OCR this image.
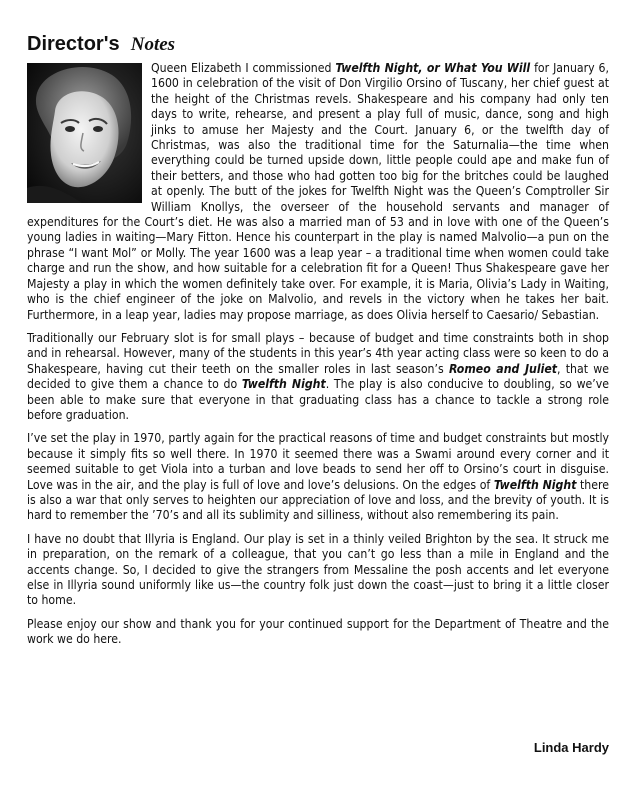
Director's Notes

Queen Elizabeth I commissioned Twelfth Night, or What You Will for January 6, 1600 in celebration of the visit of Don Virgilio Orsino of Tuscany, her chief guest at the height of the Christmas revels. Shakespeare and his company had only ten days to write, rehearse, and present a play full of music, dance, song and high jinks to amuse her Majesty and the Court. January 6, or the twelfth day of Christmas, was also the traditional time for the Saturnalia—the time when everything could be turned upside down, little people could ape and make fun of their betters, and those who had gotten too big for the britches could be laughed at openly. The butt of the jokes for Twelfth Night was the Queen’s Comptroller Sir William Knollys, the overseer of the household servants and manager of expenditures for the Court’s diet. He was also a married man of 53 and in love with one of the Queen’s young ladies in waiting—Mary Fitton. Hence his counterpart in the play is named Malvolio—a pun on the phrase “I want Mol” or Molly. The year 1600 was a leap year – a traditional time when women could take charge and run the show, and how suitable for a celebration fit for a Queen! Thus Shakespeare gave her Majesty a play in which the women definitely take over. For example, it is Maria, Olivia’s Lady in Waiting, who is the chief engineer of the joke on Malvolio, and revels in the victory when he takes her bait. Furthermore, in a leap year, ladies may propose marriage, as does Olivia herself to Caesario/ Sebastian.

Traditionally our February slot is for small plays – because of budget and time constraints both in shop and in rehearsal. However, many of the students in this year’s 4th year acting class were so keen to do a Shakespeare, having cut their teeth on the smaller roles in last season’s Romeo and Juliet, that we decided to give them a chance to do Twelfth Night. The play is also conducive to doubling, so we’ve been able to make sure that everyone in that graduating class has a chance to tackle a strong role before graduation.

I’ve set the play in 1970, partly again for the practical reasons of time and budget constraints but mostly because it simply fits so well there. In 1970 it seemed there was a Swami around every corner and it seemed suitable to get Viola into a turban and love beads to send her off to Orsino’s court in disguise. Love was in the air, and the play is full of love and love’s delusions. On the edges of Twelfth Night there is also a war that only serves to heighten our appreciation of love and loss, and the brevity of youth. It is hard to remember the ’70’s and all its sublimity and silliness, without also remembering its pain.

I have no doubt that Illyria is England. Our play is set in a thinly veiled Brighton by the sea. It struck me in preparation, on the remark of a colleague, that you can’t go less than a mile in England and the accents change. So, I decided to give the strangers from Messaline the posh accents and let everyone else in Illyria sound uniformly like us—the country folk just down the coast—just to bring it a little closer to home.

Please enjoy our show and thank you for your continued support for the Department of Theatre and the work we do here.

Linda Hardy
